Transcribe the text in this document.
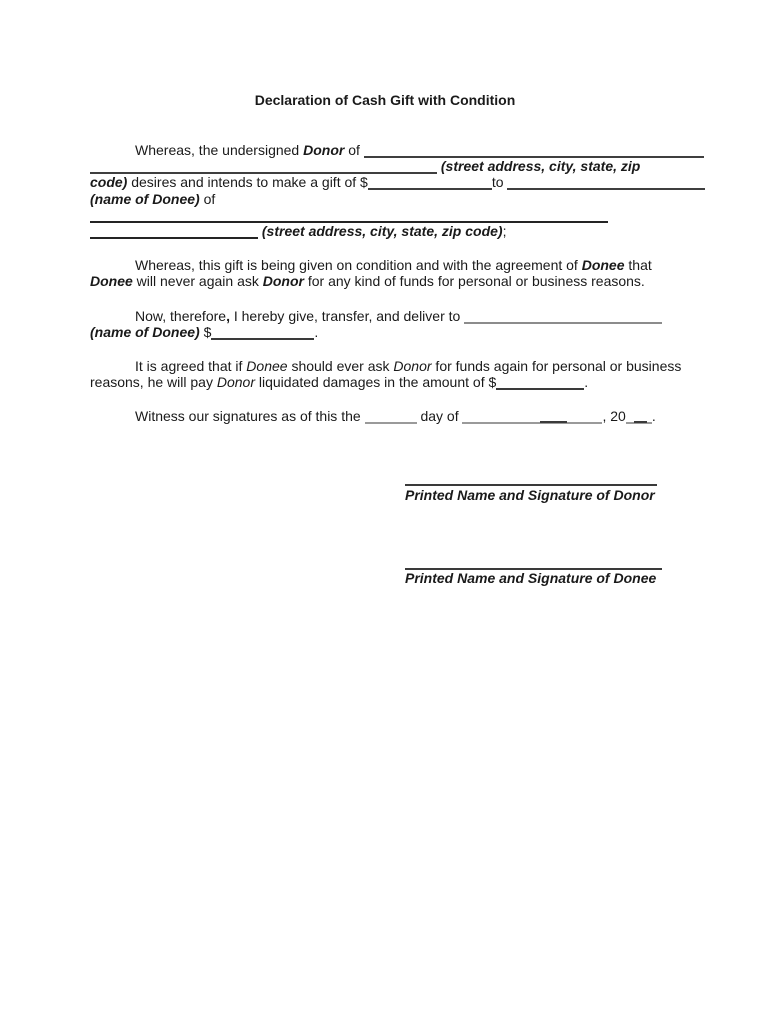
Declaration of Cash Gift with Condition
Whereas, the undersigned Donor of
(street address, city, state, zip
code) desires and intends to make a gift of $	to
(name of Donee) of
(street address, city, state, zip code);
Whereas, this gift is being given on condition and with the agreement of Donee that
Donee will never again ask Donor for any kind of funds for personal or business reasons.
Now, therefore, I hereby give, transfer, and deliver to
(name of Donee) $	.
It is agreed that if Donee should ever ask Donor for funds again for personal or business
reasons, he will pay Donor liquidated damages in the amount of $	.
Witness our signatures as of this the	day of	, 20 .
Printed Name and Signature of Donor
Printed Name and Signature of Donee
